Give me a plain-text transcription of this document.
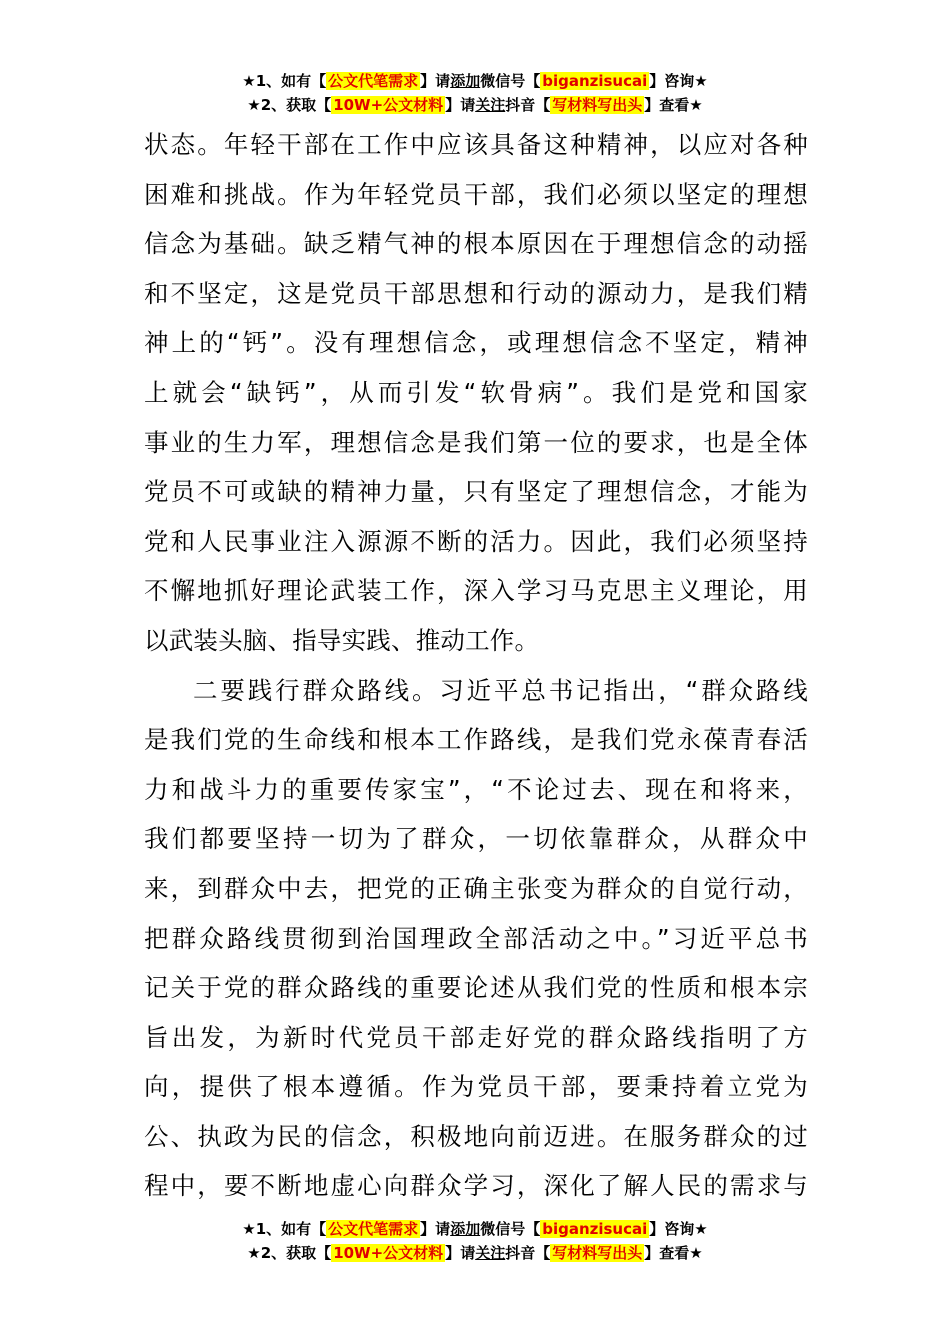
★1、如有【 公文代笔需求 】请添加微信号【 biganzisucai 】咨询★
★2、获取【 10W+公文材料 】请关注抖音【 写材料写出头 】查看★

状态。年轻干部在工作中应该具备这种精神，以应对各种
困难和挑战。作为年轻党员干部，我们必须以坚定的理想
信念为基础。缺乏精气神的根本原因在于理想信念的动摇
和不坚定，这是党员干部思想和行动的源动力，是我们精
神上的“钙”。没有理想信念，或理想信念不坚定，精神
上就会“缺钙”，从而引发“软骨病”。我们是党和国家
事业的生力军，理想信念是我们第一位的要求，也是全体
党员不可或缺的精神力量，只有坚定了理想信念，才能为
党和人民事业注入源源不断的活力。因此，我们必须坚持
不懈地抓好理论武装工作，深入学习马克思主义理论，用
以武装头脑、指导实践、推动工作。

二要践行群众路线。习近平总书记指出，“群众路线
是我们党的生命线和根本工作路线，是我们党永葆青春活
力和战斗力的重要传家宝”，“不论过去、现在和将来，
我们都要坚持一切为了群众，一切依靠群众，从群众中
来，到群众中去，把党的正确主张变为群众的自觉行动，
把群众路线贯彻到治国理政全部活动之中。”习近平总书
记关于党的群众路线的重要论述从我们党的性质和根本宗
旨出发，为新时代党员干部走好党的群众路线指明了方
向，提供了根本遵循。作为党员干部，要秉持着立党为
公、执政为民的信念，积极地向前迈进。在服务群众的过
程中，要不断地虚心向群众学习，深化了解人民的需求与

★1、如有【 公文代笔需求 】请添加微信号【 biganzisucai 】咨询★
★2、获取【 10W+公文材料 】请关注抖音【 写材料写出头 】查看★
